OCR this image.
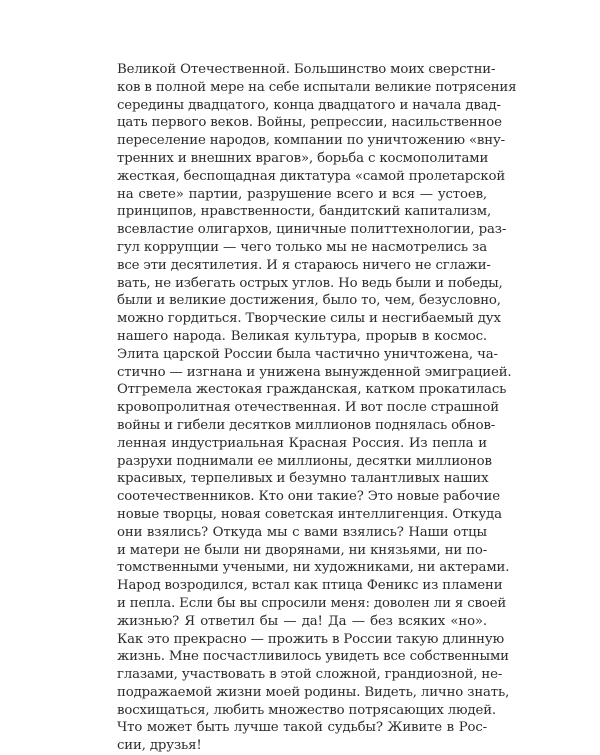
Великой Отечественной. Большинство моих сверстни-
ков в полной мере на себе испытали великие потрясения
середины двадцатого, конца двадцатого и начала двад-
цать первого веков. Войны, репрессии, насильственное
переселение народов, компании по уничтожению «вну-
тренних и внешних врагов», борьба с космополитами
жесткая, беспощадная диктатура «самой пролетарской
на свете» партии, разрушение всего и вся — устоев,
принципов, нравственности, бандитский капитализм,
всевластие олигархов, циничные политтехнологии, раз-
гул коррупции — чего только мы не насмотрелись за
все эти десятилетия. И я стараюсь ничего не сглажи-
вать, не избегать острых углов. Но ведь были и победы,
были и великие достижения, было то, чем, безусловно,
можно гордиться. Творческие силы и несгибаемый дух
нашего народа. Великая культура, прорыв в космос.
Элита царской России была частично уничтожена, ча-
стично — изгнана и унижена вынужденной эмиграцией.
Отгремела жестокая гражданская, катком прокатилась
кровопролитная отечественная. И вот после страшной
войны и гибели десятков миллионов поднялась обнов-
ленная индустриальная Красная Россия. Из пепла и
разрухи поднимали ее миллионы, десятки миллионов
красивых, терпеливых и безумно талантливых наших
соотечественников. Кто они такие? Это новые рабочие
новые творцы, новая советская интеллигенция. Откуда
они взялись? Откуда мы с вами взялись? Наши отцы
и матери не были ни дворянами, ни князьями, ни по-
томственными учеными, ни художниками, ни актерами.
Народ возродился, встал как птица Феникс из пламени
и пепла. Если бы вы спросили меня: доволен ли я своей
жизнью? Я ответил бы — да! Да — без всяких «но».
Как это прекрасно — прожить в России такую длинную
жизнь. Мне посчастливилось увидеть все собственными
глазами, участвовать в этой сложной, грандиозной, не-
подражаемой жизни моей родины. Видеть, лично знать,
восхищаться, любить множество потрясающих людей.
Что может быть лучше такой судьбы? Живите в Рос-
сии, друзья!
